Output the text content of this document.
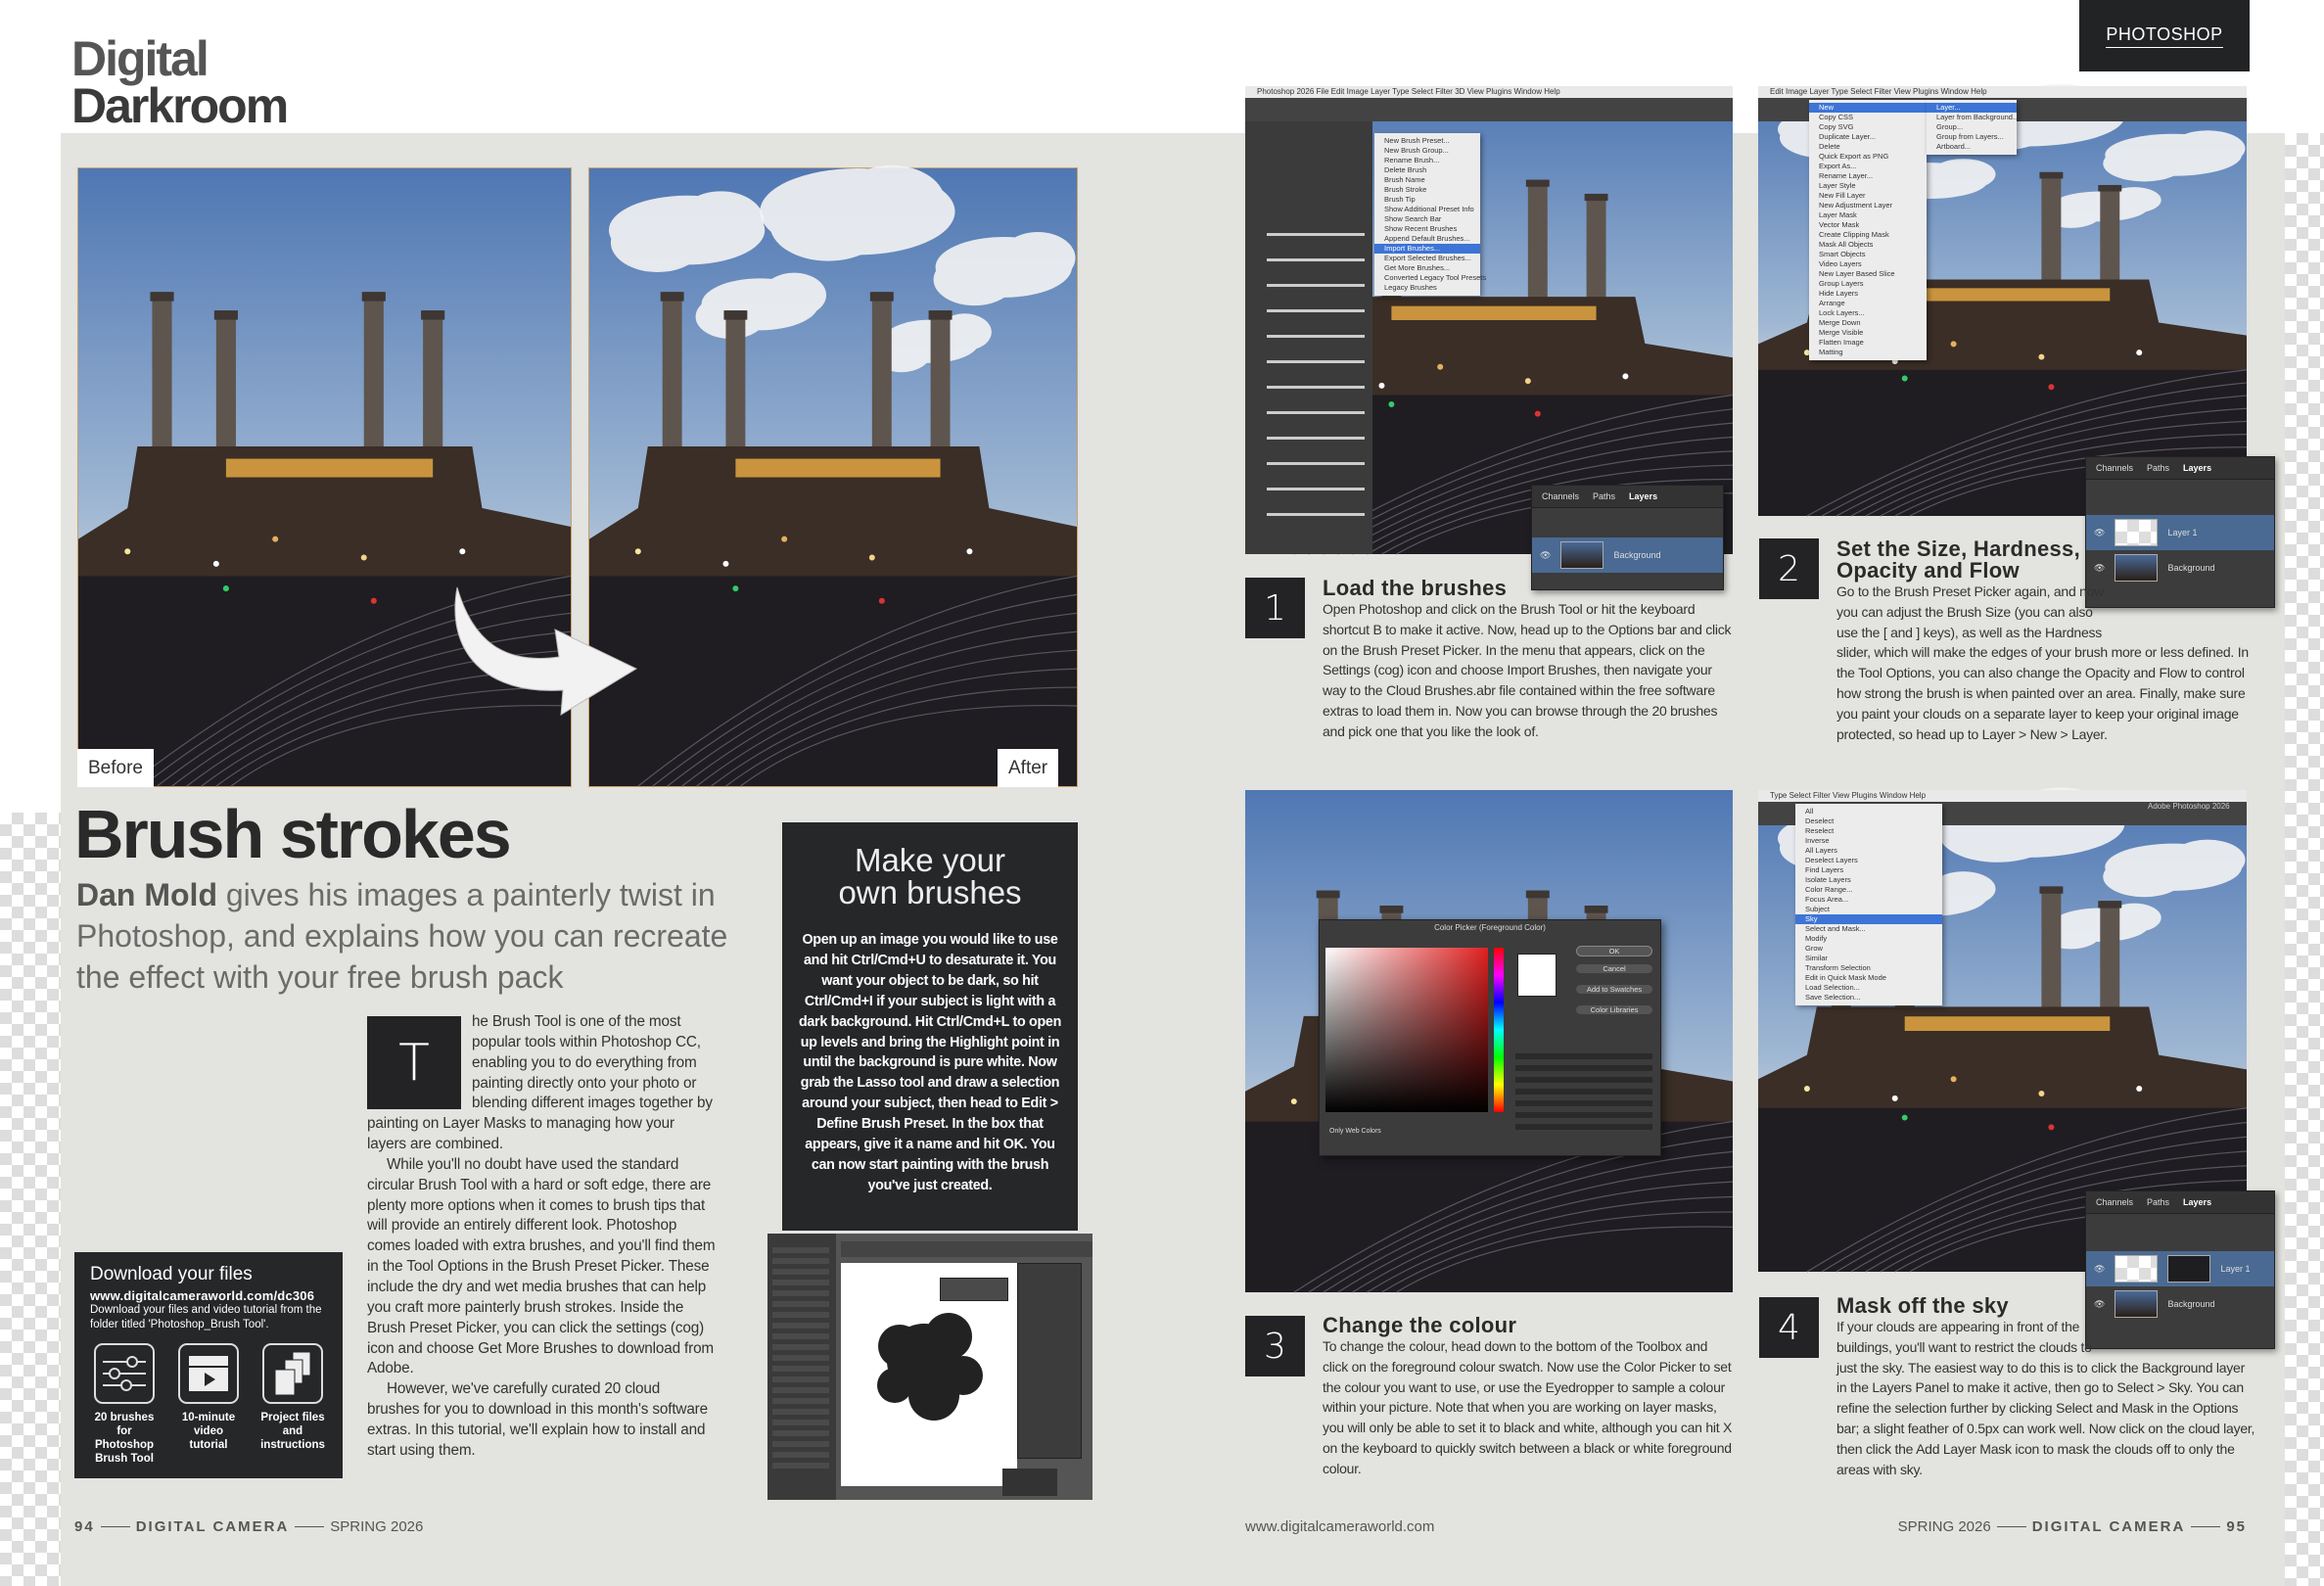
Digital
Darkroom
PHOTOSHOP
Before	After
Brush strokes
Dan Mold gives his images a painterly twist in Photoshop, and explains how you can recreate the effect with your free brush pack
T

he Brush Tool is one of the most popular tools within Photoshop CC, enabling you to do everything from painting directly onto your photo or blending different images together by painting on Layer Masks to managing how your layers are combined.

While you'll no doubt have used the standard circular Brush Tool with a hard or soft edge, there are plenty more options when it comes to brush tips that will provide an entirely different look. Photoshop comes loaded with extra brushes, and you'll find them in the Tool Options in the Brush Preset Picker. These include the dry and wet media brushes that can help you craft more painterly brush strokes. Inside the Brush Preset Picker, you can click the settings (cog) icon and choose Get More Brushes to download from Adobe.

However, we've carefully curated 20 cloud brushes for you to download in this month's software extras. In this tutorial, we'll explain how to install and start using them.

Make your
own brushes

Open up an image you would like to use and hit Ctrl/Cmd+U to desaturate it. You want your object to be dark, so hit Ctrl/Cmd+I if your subject is light with a dark background. Hit Ctrl/Cmd+L to open up levels and bring the Highlight point in until the background is pure white. Now grab the Lasso tool and draw a selection around your subject, then head to Edit > Define Brush Preset. In the box that appears, give it a name and hit OK. You can now start painting with the brush you've just created.

Download your files
www.digitalcameraworld.com/dc306
Download your files and video tutorial from the folder titled 'Photoshop_Brush Tool'.
20 brushes for Photoshop Brush Tool
10-minute video tutorial
Project files and instructions
Photoshop 2026 File Edit Image Layer Type Select Filter 3D View Plugins Window Help
New Brush Preset...
New Brush Group...
Rename Brush...
Delete Brush
Brush Name
Brush Stroke
Brush Tip
Show Additional Preset Info
Show Search Bar
Show Recent Brushes
Append Default Brushes...
Import Brushes...
Export Selected Brushes...
Get More Brushes...
Converted Legacy Tool Presets
Legacy Brushes
Channels Paths Layers
👁	Background
1	Load the brushes

Open Photoshop and click on the Brush Tool or hit the keyboard shortcut B to make it active. Now, head up to the Options bar and click on the Brush Preset Picker. In the menu that appears, click on the Settings (cog) icon and choose Import Brushes, then navigate your way to the Cloud Brushes.abr file contained within the free software extras to load them in. Now you can browse through the 20 brushes and pick one that you like the look of.

Edit Image Layer Type Select Filter View Plugins Window Help
New
Copy CSS
Copy SVG
Duplicate Layer...
Delete
Quick Export as PNG
Export As...
Rename Layer...
Layer Style
New Fill Layer
New Adjustment Layer
Layer Mask
Vector Mask
Create Clipping Mask
Mask All Objects
Smart Objects
Video Layers
New Layer Based Slice
Group Layers
Hide Layers
Arrange
Lock Layers...
Merge Down
Merge Visible
Flatten Image
Matting
Layer...
Layer from Background...
Group...
Group from Layers...
Artboard...
Channels Paths Layers
👁	Layer 1
👁	Background
2	Set the Size, Hardness, Opacity and Flow

Go to the Brush Preset Picker again, and now you can adjust the Brush Size (you can also use the [ and ] keys), as well as the Hardness slider, which will make the edges of your brush more or less defined. In the Tool Options, you can also change the Opacity and Flow to control how strong the brush is when painted over an area. Finally, make sure you paint your clouds on a separate layer to keep your original image protected, so head up to Layer > New > Layer.

Color Picker (Foreground Color)
OK
Cancel
Add to Swatches
Color Libraries
Only Web Colors
3
Change the colour

To change the colour, head down to the bottom of the Toolbox and click on the foreground colour swatch. Now use the Color Picker to set the colour you want to use, or use the Eyedropper to sample a colour within your picture. Note that when you are working on layer masks, you will only be able to set it to black and white, although you can hit X on the keyboard to quickly switch between a black or white foreground colour.

Type Select Filter View Plugins Window Help
Adobe Photoshop 2026
All
Deselect
Reselect
Inverse
All Layers
Deselect Layers
Find Layers
Isolate Layers
Color Range...
Focus Area...
Subject
Sky
Select and Mask...
Modify
Grow
Similar
Transform Selection
Edit in Quick Mask Mode
Load Selection...
Save Selection...
Channels Paths Layers
👁	Layer 1
👁	Background
4
Mask off the sky

If your clouds are appearing in front of the buildings, you'll want to restrict the clouds to just the sky. The easiest way to do this is to click the Background layer in the Layers Panel to make it active, then go to Select > Sky. You can refine the selection further by clicking Select and Mask in the Options bar; a slight feather of 0.5px can work well. Now click on the cloud layer, then click the Add Layer Mask icon to mask the clouds off to only the areas with sky.

94	DIGITAL CAMERA	SPRING 2026	www.digitalcameraworld.com	SPRING 2026	DIGITAL CAMERA	95
